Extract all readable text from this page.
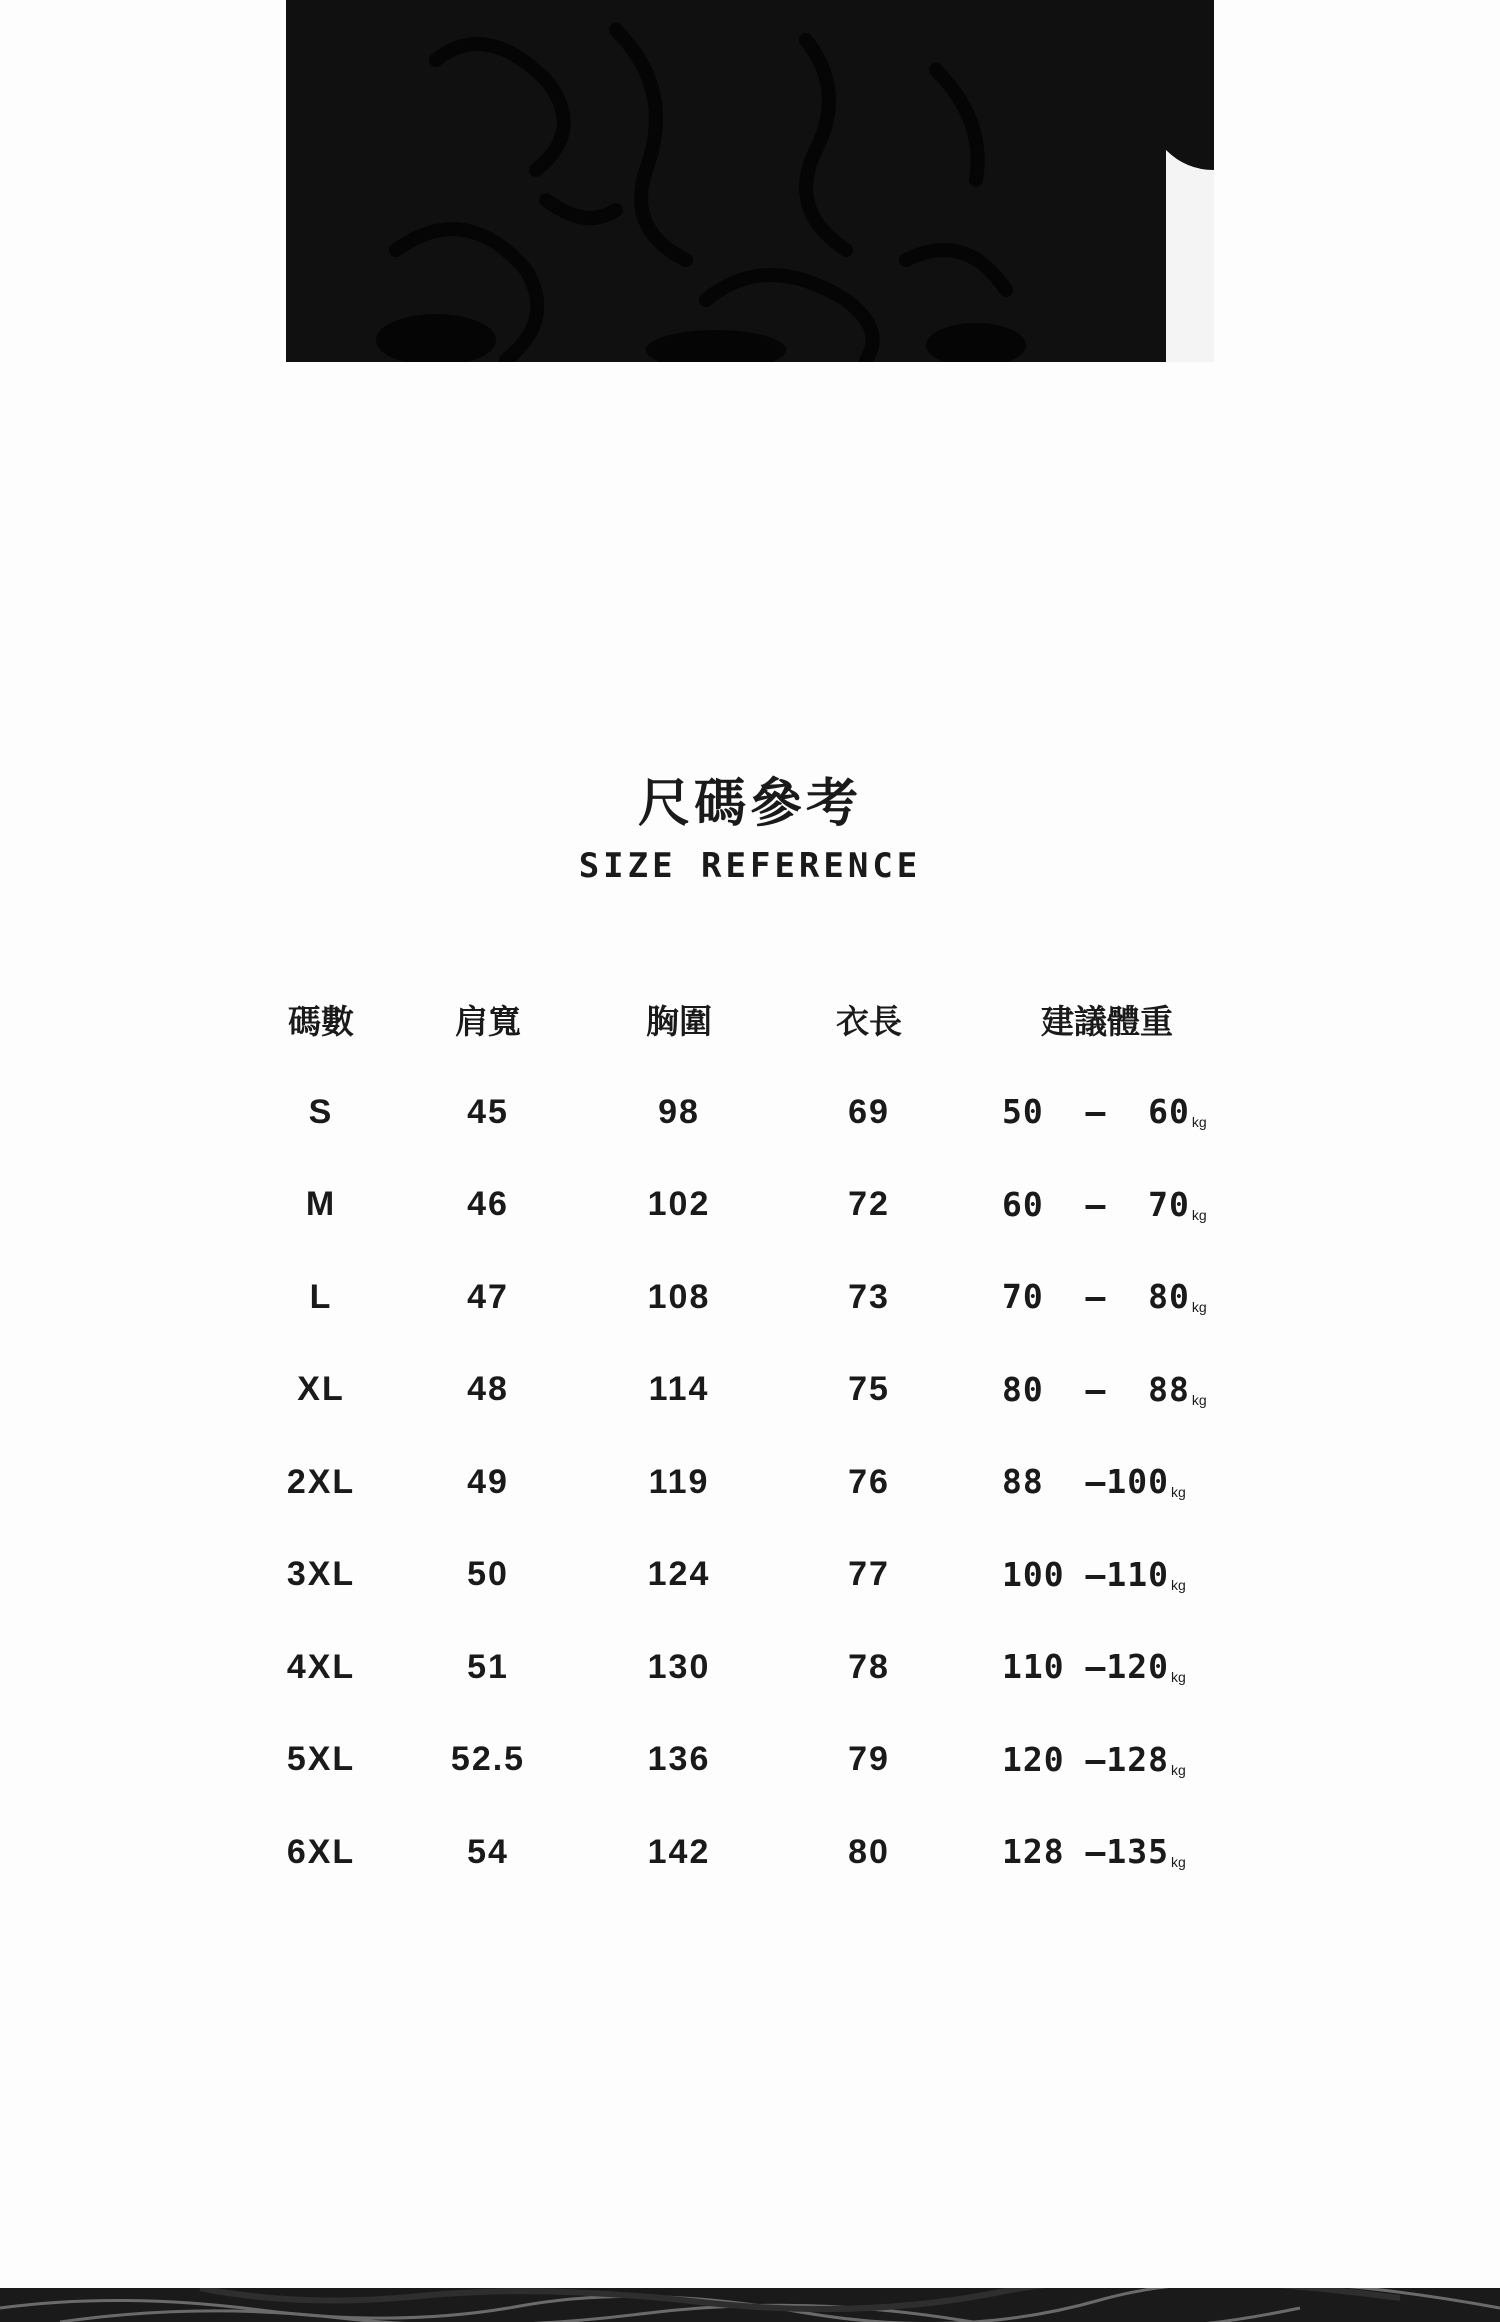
尺碼參考
SIZE REFERENCE
碼數	肩寬	胸圍	衣長	建議體重
S	45	98	69	50  –  60 kg
M	46	102	72	60  –  70 kg
L	47	108	73	70  –  80 kg
XL	48	114	75	80  –  88 kg
2XL	49	119	76	88  –100 kg
3XL	50	124	77	100 –110 kg
4XL	51	130	78	110 –120 kg
5XL	52.5	136	79	120 –128 kg
6XL	54	142	80	128 –135 kg
